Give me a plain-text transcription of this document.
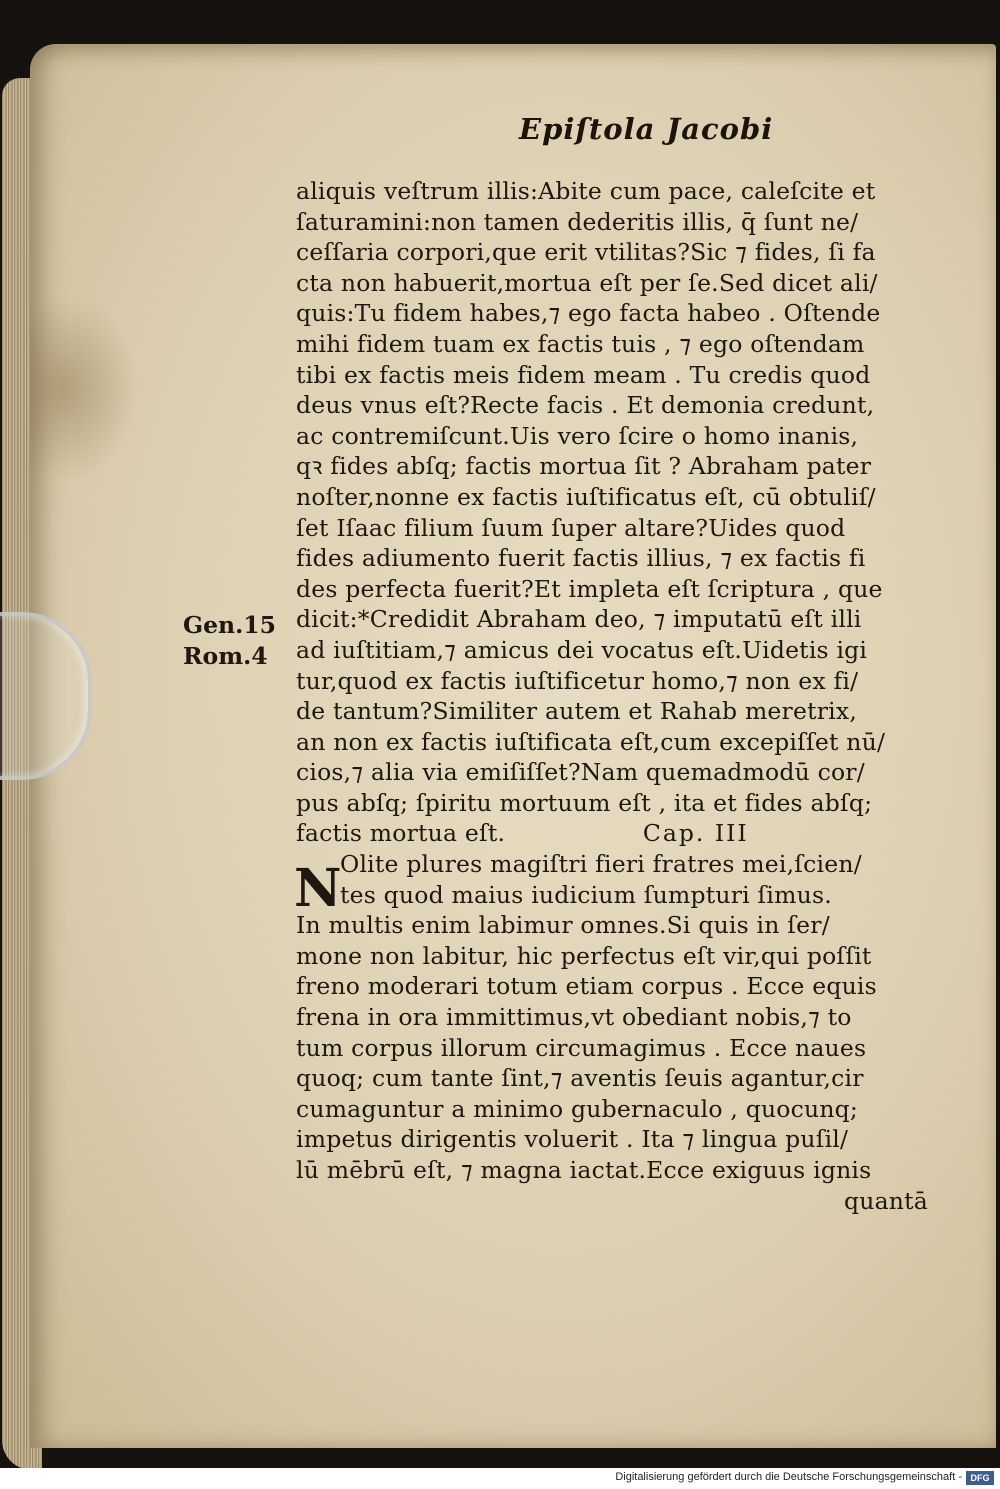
Epiſtola Jacobi
Gen.15
Rom.4
aliquis veſtrum illis:Abite cum pace, caleſcite et
ſaturamini:non tamen dederitis illis, q̄ ſunt ne/
ceſſaria corpori,que erit vtilitas?Sic ⁊ fides, ſi fa
cta non habuerit,mortua eſt per ſe.Sed dicet ali/
quis:Tu fidem habes,⁊ ego facta habeo . Oſtende
mihi fidem tuam ex factis tuis , ⁊ ego oſtendam
tibi ex factis meis fidem meam . Tu credis quod
deus vnus eſt?Recte facis . Et demonia credunt,
ac contremiſcunt.Uis vero ſcire o homo inanis,
qꝛ fides abſq; factis mortua ſit ? Abraham pater
noſter,nonne ex factis iuſtificatus eſt, cū obtuliſ/
ſet Iſaac filium ſuum ſuper altare?Uides quod
fides adiumento fuerit factis illius, ⁊ ex factis fi
des perfecta fuerit?Et impleta eſt ſcriptura , que
dicit:*Credidit Abraham deo, ⁊ imputatū eſt illi
ad iuſtitiam,⁊ amicus dei vocatus eſt.Uidetis igi
tur,quod ex factis iuſtificetur homo,⁊ non ex fi/
de tantum?Similiter autem et Rahab meretrix,
an non ex factis iuſtificata eſt,cum excepiſſet nū/
cios,⁊ alia via emiſiſſet?Nam quemadmodū cor/
pus abſq; ſpiritu mortuum eſt , ita et fides abſq;
factis mortua eſt.	Cap. III
N
Olite plures magiſtri fieri fratres mei,ſcien/
tes quod maius iudicium ſumpturi ſimus.
In multis enim labimur omnes.Si quis in ſer/
mone non labitur, hic perfectus eſt vir,qui poſſit
freno moderari totum etiam corpus . Ecce equis
frena in ora immittimus,vt obediant nobis,⁊ to
tum corpus illorum circumagimus . Ecce naues
quoq; cum tante ſint,⁊ aventis ſeuis agantur,cir
cumaguntur a minimo gubernaculo , quocunq;
impetus dirigentis voluerit . Ita ⁊ lingua puſil/
lū mēbrū eſt, ⁊ magna iactat.Ecce exiguus ignis
quantā
Digitalisierung gefördert durch die Deutsche Forschungsgemeinschaft - DFG
